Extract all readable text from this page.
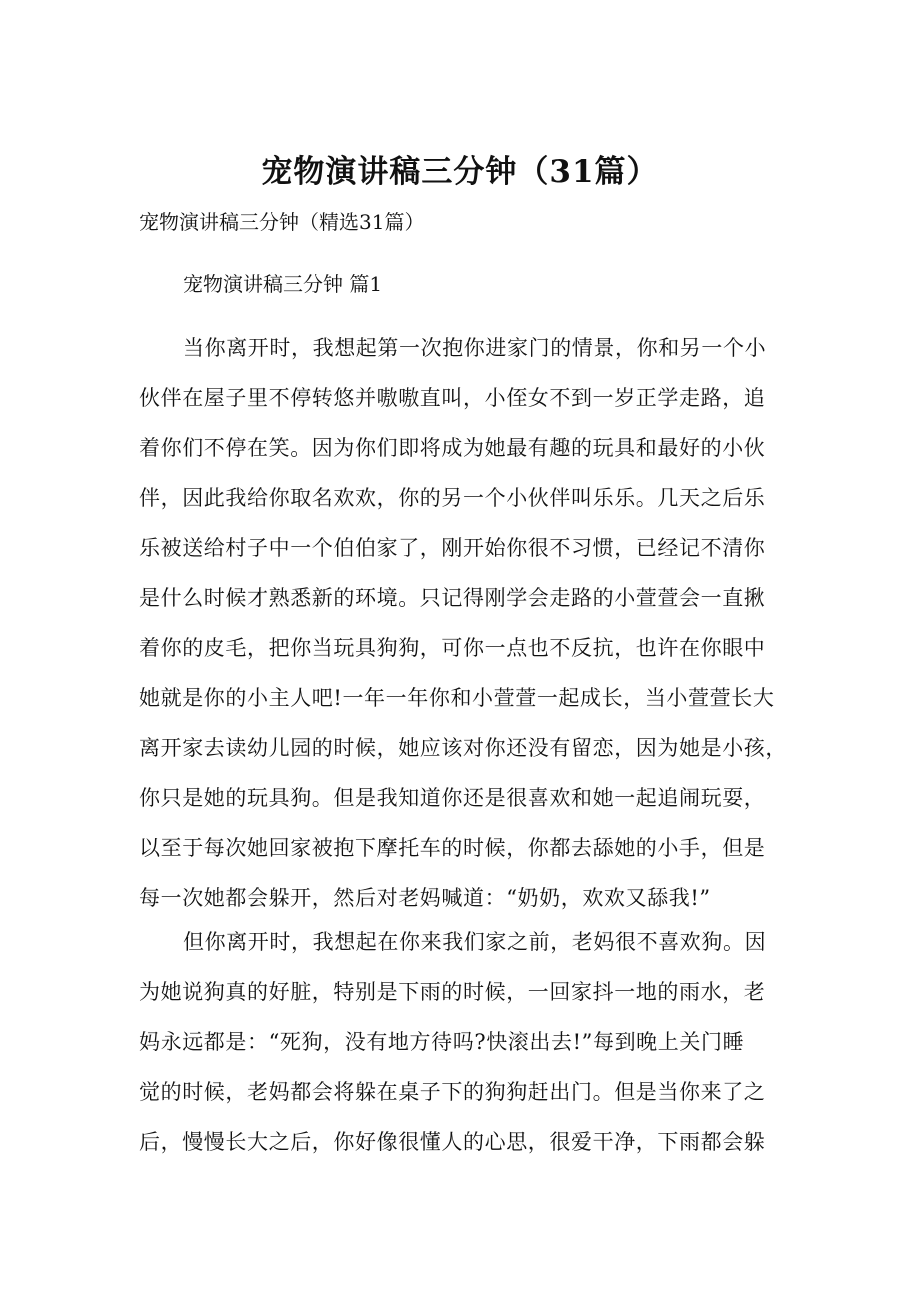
宠物演讲稿三分钟（31篇）
宠物演讲稿三分钟（精选31篇）
宠物演讲稿三分钟 篇1
当你离开时，我想起第一次抱你进家门的情景，你和另一个小
伙伴在屋子里不停转悠并嗷嗷直叫，小侄女不到一岁正学走路，追
着你们不停在笑。因为你们即将成为她最有趣的玩具和最好的小伙
伴，因此我给你取名欢欢，你的另一个小伙伴叫乐乐。几天之后乐
乐被送给村子中一个伯伯家了，刚开始你很不习惯，已经记不清你
是什么时候才熟悉新的环境。只记得刚学会走路的小萱萱会一直揪
着你的皮毛，把你当玩具狗狗，可你一点也不反抗，也许在你眼中
她就是你的小主人吧!一年一年你和小萱萱一起成长，当小萱萱长大
离开家去读幼儿园的时候，她应该对你还没有留恋，因为她是小孩，
你只是她的玩具狗。但是我知道你还是很喜欢和她一起追闹玩耍，
以至于每次她回家被抱下摩托车的时候，你都去舔她的小手，但是
每一次她都会躲开，然后对老妈喊道：“奶奶，欢欢又舔我!”
但你离开时，我想起在你来我们家之前，老妈很不喜欢狗。因
为她说狗真的好脏，特别是下雨的时候，一回家抖一地的雨水，老
妈永远都是：“死狗，没有地方待吗?快滚出去!”每到晚上关门睡
觉的时候，老妈都会将躲在桌子下的狗狗赶出门。但是当你来了之
后，慢慢长大之后，你好像很懂人的心思，很爱干净，下雨都会躲
